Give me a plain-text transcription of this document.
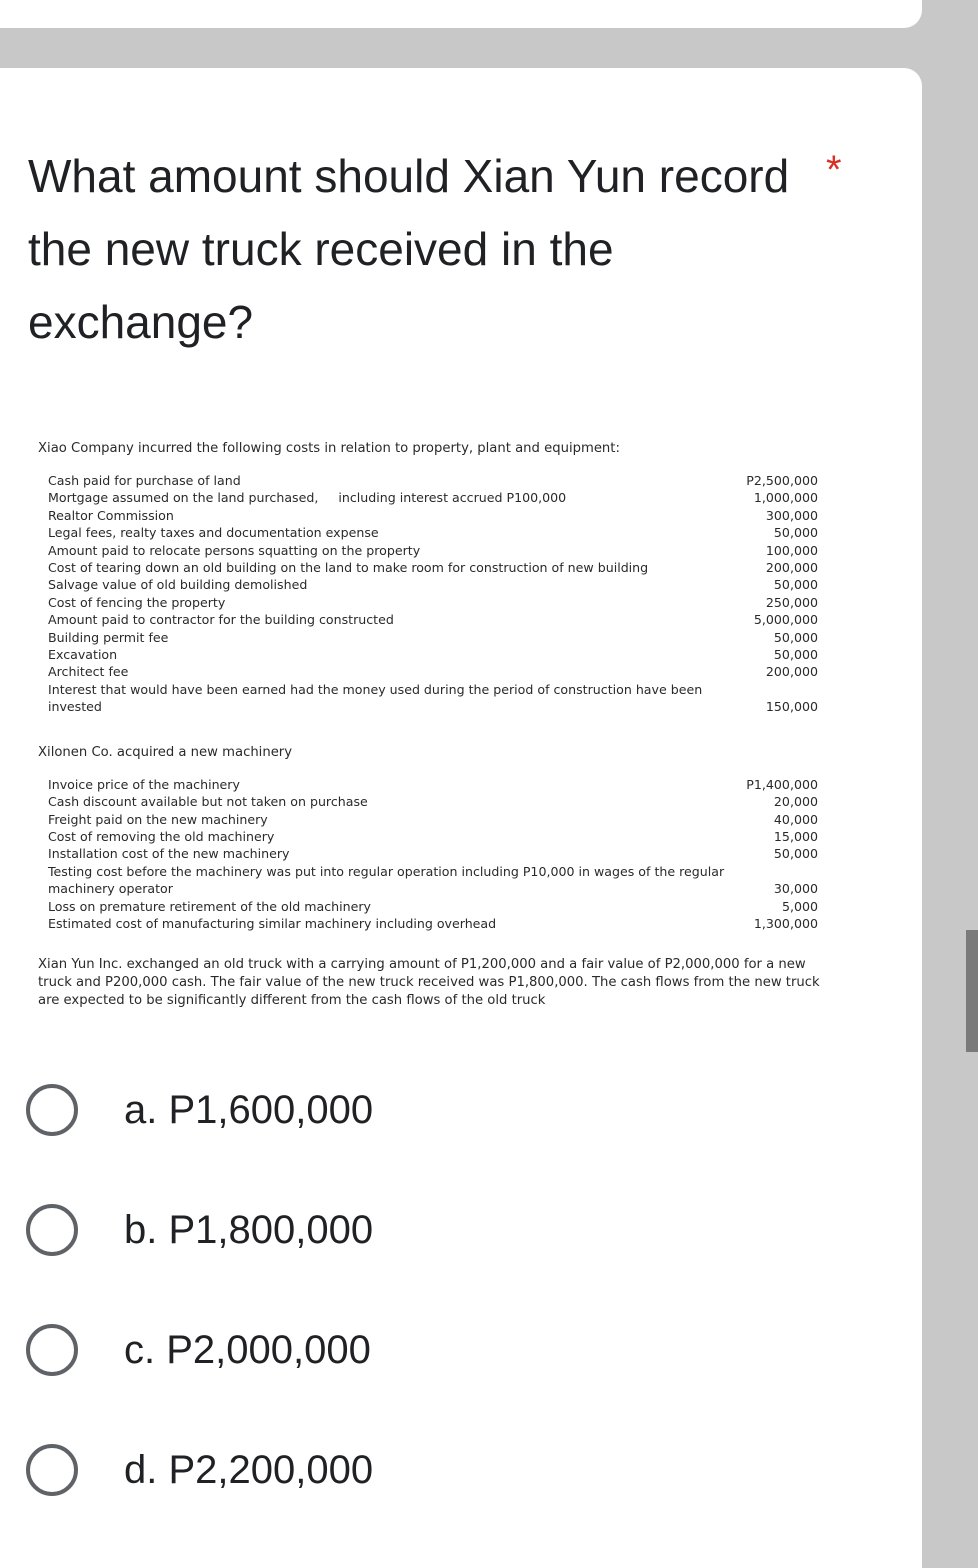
What amount should Xian Yun record the new truck received in the exchange?
*

Xiao Company incurred the following costs in relation to property, plant and equipment:

Cash paid for purchase of land	P2,500,000
Mortgage assumed on the land purchased,     including interest accrued P100,000	1,000,000
Realtor Commission	300,000
Legal fees, realty taxes and documentation expense	50,000
Amount paid to relocate persons squatting on the property	100,000
Cost of tearing down an old building on the land to make room for construction of new building	200,000
Salvage value of old building demolished	50,000
Cost of fencing the property	250,000
Amount paid to contractor for the building constructed	5,000,000
Building permit fee	50,000
Excavation	50,000
Architect fee	200,000
Interest that would have been earned had the money used during the period of construction have been invested	150,000

Xilonen Co. acquired a new machinery

Invoice price of the machinery	P1,400,000
Cash discount available but not taken on purchase	20,000
Freight paid on the new machinery	40,000
Cost of removing the old machinery	15,000
Installation cost of the new machinery	50,000
Testing cost before the machinery was put into regular operation including P10,000 in wages of the regular machinery operator	30,000
Loss on premature retirement of the old machinery	5,000
Estimated cost of manufacturing similar machinery including overhead	1,300,000

Xian Yun Inc. exchanged an old truck with a carrying amount of P1,200,000 and a fair value of P2,000,000 for a new truck and P200,000 cash. The fair value of the new truck received was P1,800,000. The cash flows from the new truck are expected to be significantly different from the cash flows of the old truck

a. P1,600,000
b. P1,800,000
c. P2,000,000
d. P2,200,000
